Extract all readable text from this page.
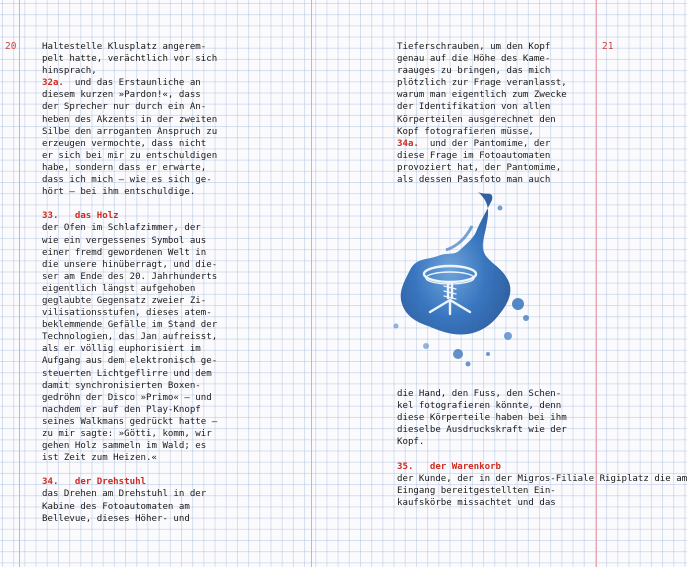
20	21

Haltestelle Klusplatz angerem-

pelt hatte, verächtlich vor sich

hinsprach,

32a.  und das Erstaunliche an

diesem kurzen »Pardon!«, dass

der Sprecher nur durch ein An-

heben des Akzents in der zweiten

Silbe den arroganten Anspruch zu

erzeugen vermochte, dass nicht

er sich bei mir zu entschuldigen

habe, sondern dass er erwarte,

dass ich mich – wie es sich ge-

hört – bei ihm entschuldige.

33.   das Holz

der Ofen im Schlafzimmer, der

wie ein vergessenes Symbol aus

einer fremd gewordenen Welt in

die unsere hinüberragt, und die-

ser am Ende des 20. Jahrhunderts

eigentlich längst aufgehoben

geglaubte Gegensatz zweier Zi-

vilisationsstufen, dieses atem-

beklemmende Gefälle im Stand der

Technologien, das Jan aufreisst,

als er völlig euphorisiert im

Aufgang aus dem elektronisch ge-

steuerten Lichtgeflirre und dem

damit synchronisierten Boxen-

gedröhn der Disco »Primo« – und

nachdem er auf den Play-Knopf

seines Walkmans gedrückt hatte –

zu mir sagte: »Götti, komm, wir

gehen Holz sammeln im Wald; es

ist Zeit zum Heizen.«

34.   der Drehstuhl

das Drehen am Drehstuhl in der

Kabine des Fotoautomaten am

Bellevue, dieses Höher- und

Tieferschrauben, um den Kopf

genau auf die Höhe des Kame-

raauges zu bringen, das mich

plötzlich zur Frage veranlasst,

warum man eigentlich zum Zwecke

der Identifikation von allen

Körperteilen ausgerechnet den

Kopf fotografieren müsse,

34a.  und der Pantomime, der

diese Frage im Fotoautomaten

provoziert hat, der Pantomime,

als dessen Passfoto man auch

die Hand, den Fuss, den Schen-

kel fotografieren könnte, denn

diese Körperteile haben bei ihm

dieselbe Ausdruckskraft wie der

Kopf.

35.   der Warenkorb

der Kunde, der in der Migros-Filiale Rigiplatz die am

Eingang bereitgestellten Ein-

kaufskörbe missachtet und das
